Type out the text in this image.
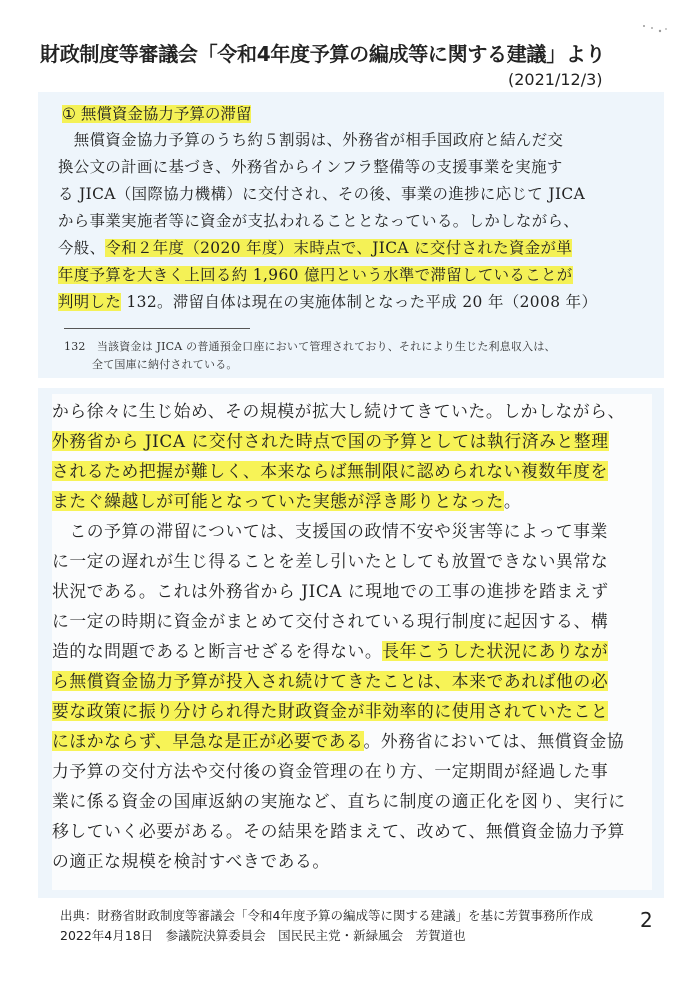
財政制度等審議会「令和4年度予算の編成等に関する建議」より
(2021/12/3)
① 無償資金協力予算の滞留
　無償資金協力予算のうち約５割弱は、外務省が相手国政府と結んだ交
換公文の計画に基づき、外務省からインフラ整備等の支援事業を実施す
る JICA（国際協力機構）に交付され、その後、事業の進捗に応じて JICA
から事業実施者等に資金が支払われることとなっている。しかしながら、
今般、令和２年度（2020 年度）末時点で、JICA に交付された資金が単
年度予算を大きく上回る約 1,960 億円という水準で滞留していることが
判明した 132。滞留自体は現在の実施体制となった平成 20 年（2008 年）
132　 当該資金は JICA の普通預金口座において管理されており、それにより生じた利息収入は、
全て国庫に納付されている。
から徐々に生じ始め、その規模が拡大し続けてきていた。しかしながら、
外務省から JICA に交付された時点で国の予算としては執行済みと整理
されるため把握が難しく、本来ならば無制限に認められない複数年度を
またぐ繰越しが可能となっていた実態が浮き彫りとなった。
　この予算の滞留については、支援国の政情不安や災害等によって事業
に一定の遅れが生じ得ることを差し引いたとしても放置できない異常な
状況である。これは外務省から JICA に現地での工事の進捗を踏まえず
に一定の時期に資金がまとめて交付されている現行制度に起因する、構
造的な問題であると断言せざるを得ない。長年こうした状況にありなが
ら無償資金協力予算が投入され続けてきたことは、本来であれば他の必
要な政策に振り分けられ得た財政資金が非効率的に使用されていたこと
にほかならず、早急な是正が必要である。外務省においては、無償資金協
力予算の交付方法や交付後の資金管理の在り方、一定期間が経過した事
業に係る資金の国庫返納の実施など、直ちに制度の適正化を図り、実行に
移していく必要がある。その結果を踏まえて、改めて、無償資金協力予算
の適正な規模を検討すべきである。
出典：財務省財政制度等審議会「令和4年度予算の編成等に関する建議」を基に芳賀事務所作成
2022年4月18日　参議院決算委員会　国民民主党・新緑風会　芳賀道也
2
